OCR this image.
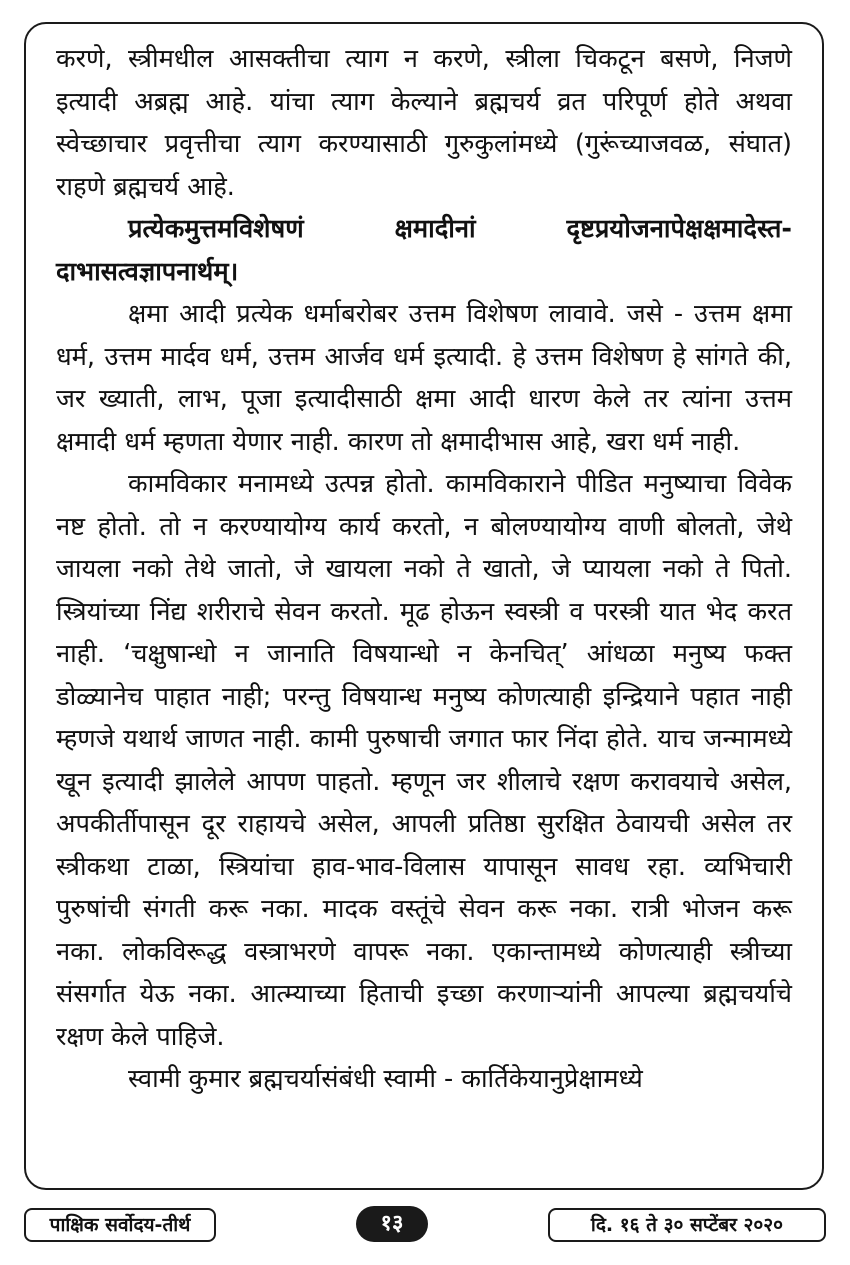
करणे, स्त्रीमधील आसक्तीचा त्याग न करणे, स्त्रीला चिकटून बसणे, निजणे इत्यादी अब्रह्म आहे. यांचा त्याग केल्याने ब्रह्मचर्य व्रत परिपूर्ण होते अथवा स्वेच्छाचार प्रवृत्तीचा त्याग करण्यासाठी गुरुकुलांमध्ये (गुरूंच्याजवळ, संघात) राहणे ब्रह्मचर्य आहे.

प्रत्येकमुत्तमविशेषणं क्षमादीनां दृष्टप्रयोजनापेक्षक्षमादेस्त-दाभासत्वज्ञापनार्थम्।

क्षमा आदी प्रत्येक धर्माबरोबर उत्तम विशेषण लावावे. जसे - उत्तम क्षमा धर्म, उत्तम मार्दव धर्म, उत्तम आर्जव धर्म इत्यादी. हे उत्तम विशेषण हे सांगते की, जर ख्याती, लाभ, पूजा इत्यादीसाठी क्षमा आदी धारण केले तर त्यांना उत्तम क्षमादी धर्म म्हणता येणार नाही. कारण तो क्षमादीभास आहे, खरा धर्म नाही.

कामविकार मनामध्ये उत्पन्न होतो. कामविकाराने पीडित मनुष्याचा विवेक नष्ट होतो. तो न करण्यायोग्य कार्य करतो, न बोलण्यायोग्य वाणी बोलतो, जेथे जायला नको तेथे जातो, जे खायला नको ते खातो, जे प्यायला नको ते पितो. स्त्रियांच्या निंद्य शरीराचे सेवन करतो. मूढ होऊन स्वस्त्री व परस्त्री यात भेद करत नाही. ‘चक्षुषान्धो न जानाति विषयान्धो न केनचित्’ आंधळा मनुष्य फक्त डोळ्यानेच पाहात नाही; परन्तु विषयान्ध मनुष्य कोणत्याही इन्द्रियाने पहात नाही म्हणजे यथार्थ जाणत नाही. कामी पुरुषाची जगात फार निंदा होते. याच जन्मामध्ये खून इत्यादी झालेले आपण पाहतो. म्हणून जर शीलाचे रक्षण करावयाचे असेल, अपकीर्तीपासून दूर राहायचे असेल, आपली प्रतिष्ठा सुरक्षित ठेवायची असेल तर स्त्रीकथा टाळा, स्त्रियांचा हाव-भाव-विलास यापासून सावध रहा. व्यभिचारी पुरुषांची संगती करू नका. मादक वस्तूंचे सेवन करू नका. रात्री भोजन करू नका. लोकविरूद्ध वस्त्राभरणे वापरू नका. एकान्तामध्ये कोणत्याही स्त्रीच्या संसर्गात येऊ नका. आत्म्याच्या हिताची इच्छा करणाऱ्यांनी आपल्या ब्रह्मचर्याचे रक्षण केले पाहिजे.

स्वामी कुमार ब्रह्मचर्यासंबंधी स्वामी - कार्तिकेयानुप्रेक्षामध्ये

पाक्षिक सर्वोदय-तीर्थ	१३	दि. १६ ते ३० सप्टेंबर २०२०
